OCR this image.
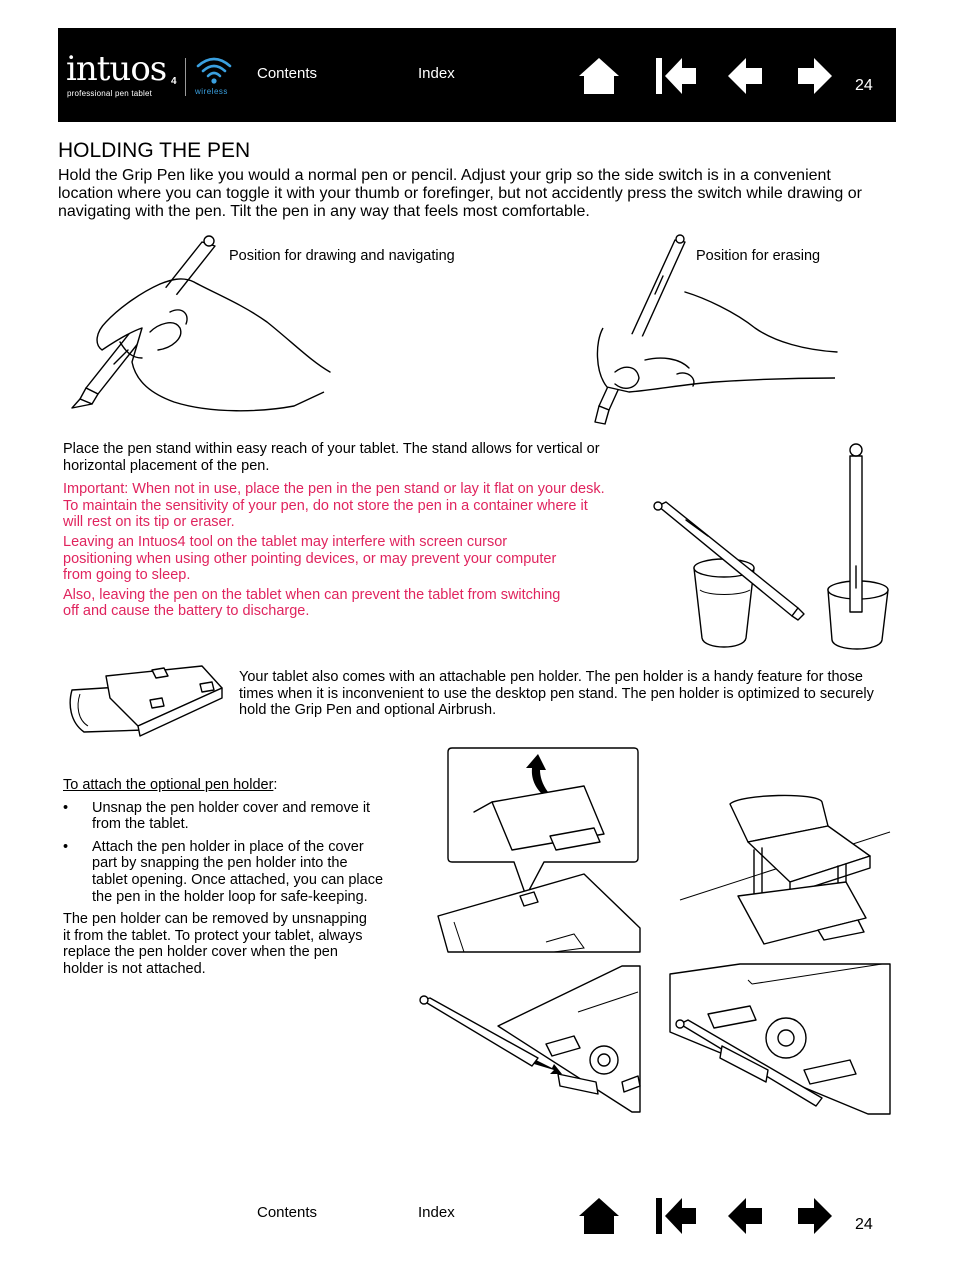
intuos 4
professional pen tablet	wireless
Contents	Index
24
HOLDING THE PEN
Hold the Grip Pen like you would a normal pen or pencil. Adjust your grip so the side switch is in a convenient location where you can toggle it with your thumb or forefinger, but not accidently press the switch while drawing or navigating with the pen. Tilt the pen in any way that feels most comfortable.
Position for drawing and navigating	Position for erasing

Place the pen stand within easy reach of your tablet. The stand allows for vertical or horizontal placement of the pen.

Important: When not in use, place the pen in the pen stand or lay it flat on your desk. To maintain the sensitivity of your pen, do not store the pen in a container where it will rest on its tip or eraser.

Leaving an Intuos4 tool on the tablet may interfere with screen cursor positioning when using other pointing devices, or may prevent your computer from going to sleep.

Also, leaving the pen on the tablet when can prevent the tablet from switching off and cause the battery to discharge.

Your tablet also comes with an attachable pen holder. The pen holder is a handy feature for those times when it is inconvenient to use the desktop pen stand. The pen holder is optimized to securely hold the Grip Pen and optional Airbrush.
To attach the optional pen holder:
• Unsnap the pen holder cover and remove it from the tablet.
• Attach the pen holder in place of the cover part by snapping the pen holder into the tablet opening. Once attached, you can place the pen in the holder loop for safe-keeping.
The pen holder can be removed by unsnapping it from the tablet. To protect your tablet, always replace the pen holder cover when the pen holder is not attached.
Contents	Index
24
